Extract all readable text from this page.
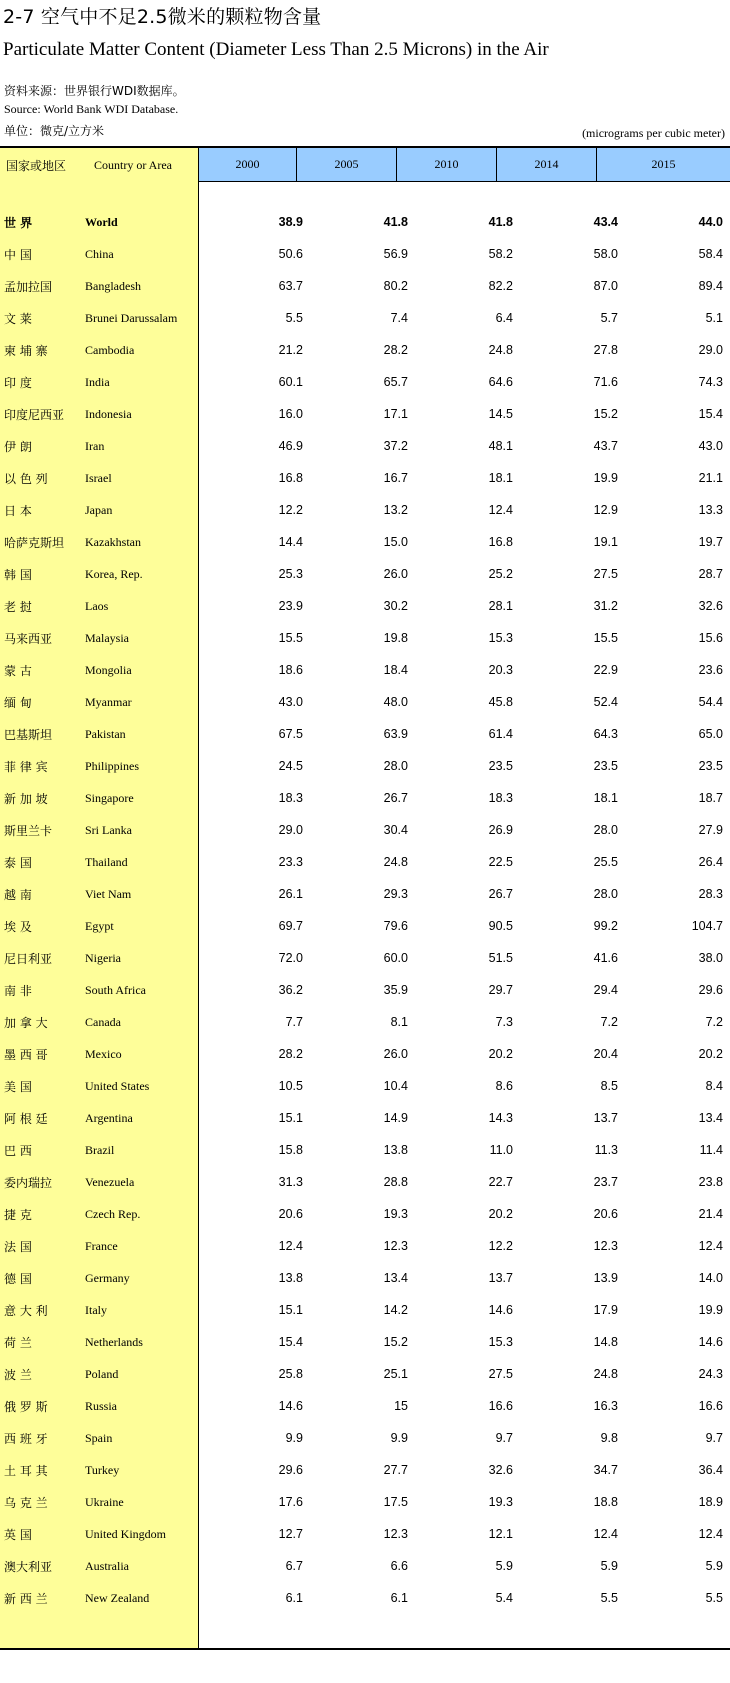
2-7 空气中不足2.5微米的颗粒物含量
Particulate Matter Content (Diameter Less Than 2.5 Microns) in the Air
资料来源：世界银行WDI数据库。
Source: World Bank WDI Database.
单位：微克/立方米	(micrograms per cubic meter)
国家或地区 Country or Area	2000	2005	2010	2014	2015
世 界	World	38.9	41.8	41.8	43.4	44.0
中 国	China	50.6	56.9	58.2	58.0	58.4
孟加拉国	Bangladesh	63.7	80.2	82.2	87.0	89.4
文 莱	Brunei Darussalam	5.5	7.4	6.4	5.7	5.1
柬 埔 寨	Cambodia	21.2	28.2	24.8	27.8	29.0
印 度	India	60.1	65.7	64.6	71.6	74.3
印度尼西亚 Indonesia	16.0	17.1	14.5	15.2	15.4
伊 朗	Iran	46.9	37.2	48.1	43.7	43.0
以 色 列	Israel	16.8	16.7	18.1	19.9	21.1
日 本	Japan	12.2	13.2	12.4	12.9	13.3
哈萨克斯坦 Kazakhstan	14.4	15.0	16.8	19.1	19.7
韩 国	Korea, Rep.	25.3	26.0	25.2	27.5	28.7
老 挝	Laos	23.9	30.2	28.1	31.2	32.6
马来西亚	Malaysia	15.5	19.8	15.3	15.5	15.6
蒙 古	Mongolia	18.6	18.4	20.3	22.9	23.6
缅 甸	Myanmar	43.0	48.0	45.8	52.4	54.4
巴基斯坦	Pakistan	67.5	63.9	61.4	64.3	65.0
菲 律 宾	Philippines	24.5	28.0	23.5	23.5	23.5
新 加 坡	Singapore	18.3	26.7	18.3	18.1	18.7
斯里兰卡	Sri Lanka	29.0	30.4	26.9	28.0	27.9
泰 国	Thailand	23.3	24.8	22.5	25.5	26.4
越 南	Viet Nam	26.1	29.3	26.7	28.0	28.3
埃 及	Egypt	69.7	79.6	90.5	99.2	104.7
尼日利亚	Nigeria	72.0	60.0	51.5	41.6	38.0
南 非	South Africa	36.2	35.9	29.7	29.4	29.6
加 拿 大	Canada	7.7	8.1	7.3	7.2	7.2
墨 西 哥	Mexico	28.2	26.0	20.2	20.4	20.2
美 国	United States	10.5	10.4	8.6	8.5	8.4
阿 根 廷	Argentina	15.1	14.9	14.3	13.7	13.4
巴 西	Brazil	15.8	13.8	11.0	11.3	11.4
委内瑞拉	Venezuela	31.3	28.8	22.7	23.7	23.8
捷 克	Czech Rep.	20.6	19.3	20.2	20.6	21.4
法 国	France	12.4	12.3	12.2	12.3	12.4
德 国	Germany	13.8	13.4	13.7	13.9	14.0
意 大 利	Italy	15.1	14.2	14.6	17.9	19.9
荷 兰	Netherlands	15.4	15.2	15.3	14.8	14.6
波 兰	Poland	25.8	25.1	27.5	24.8	24.3
俄 罗 斯	Russia	14.6	15	16.6	16.3	16.6
西 班 牙	Spain	9.9	9.9	9.7	9.8	9.7
土 耳 其	Turkey	29.6	27.7	32.6	34.7	36.4
乌 克 兰	Ukraine	17.6	17.5	19.3	18.8	18.9
英 国	United Kingdom	12.7	12.3	12.1	12.4	12.4
澳大利亚	Australia	6.7	6.6	5.9	5.9	5.9
新 西 兰	New Zealand	6.1	6.1	5.4	5.5	5.5
